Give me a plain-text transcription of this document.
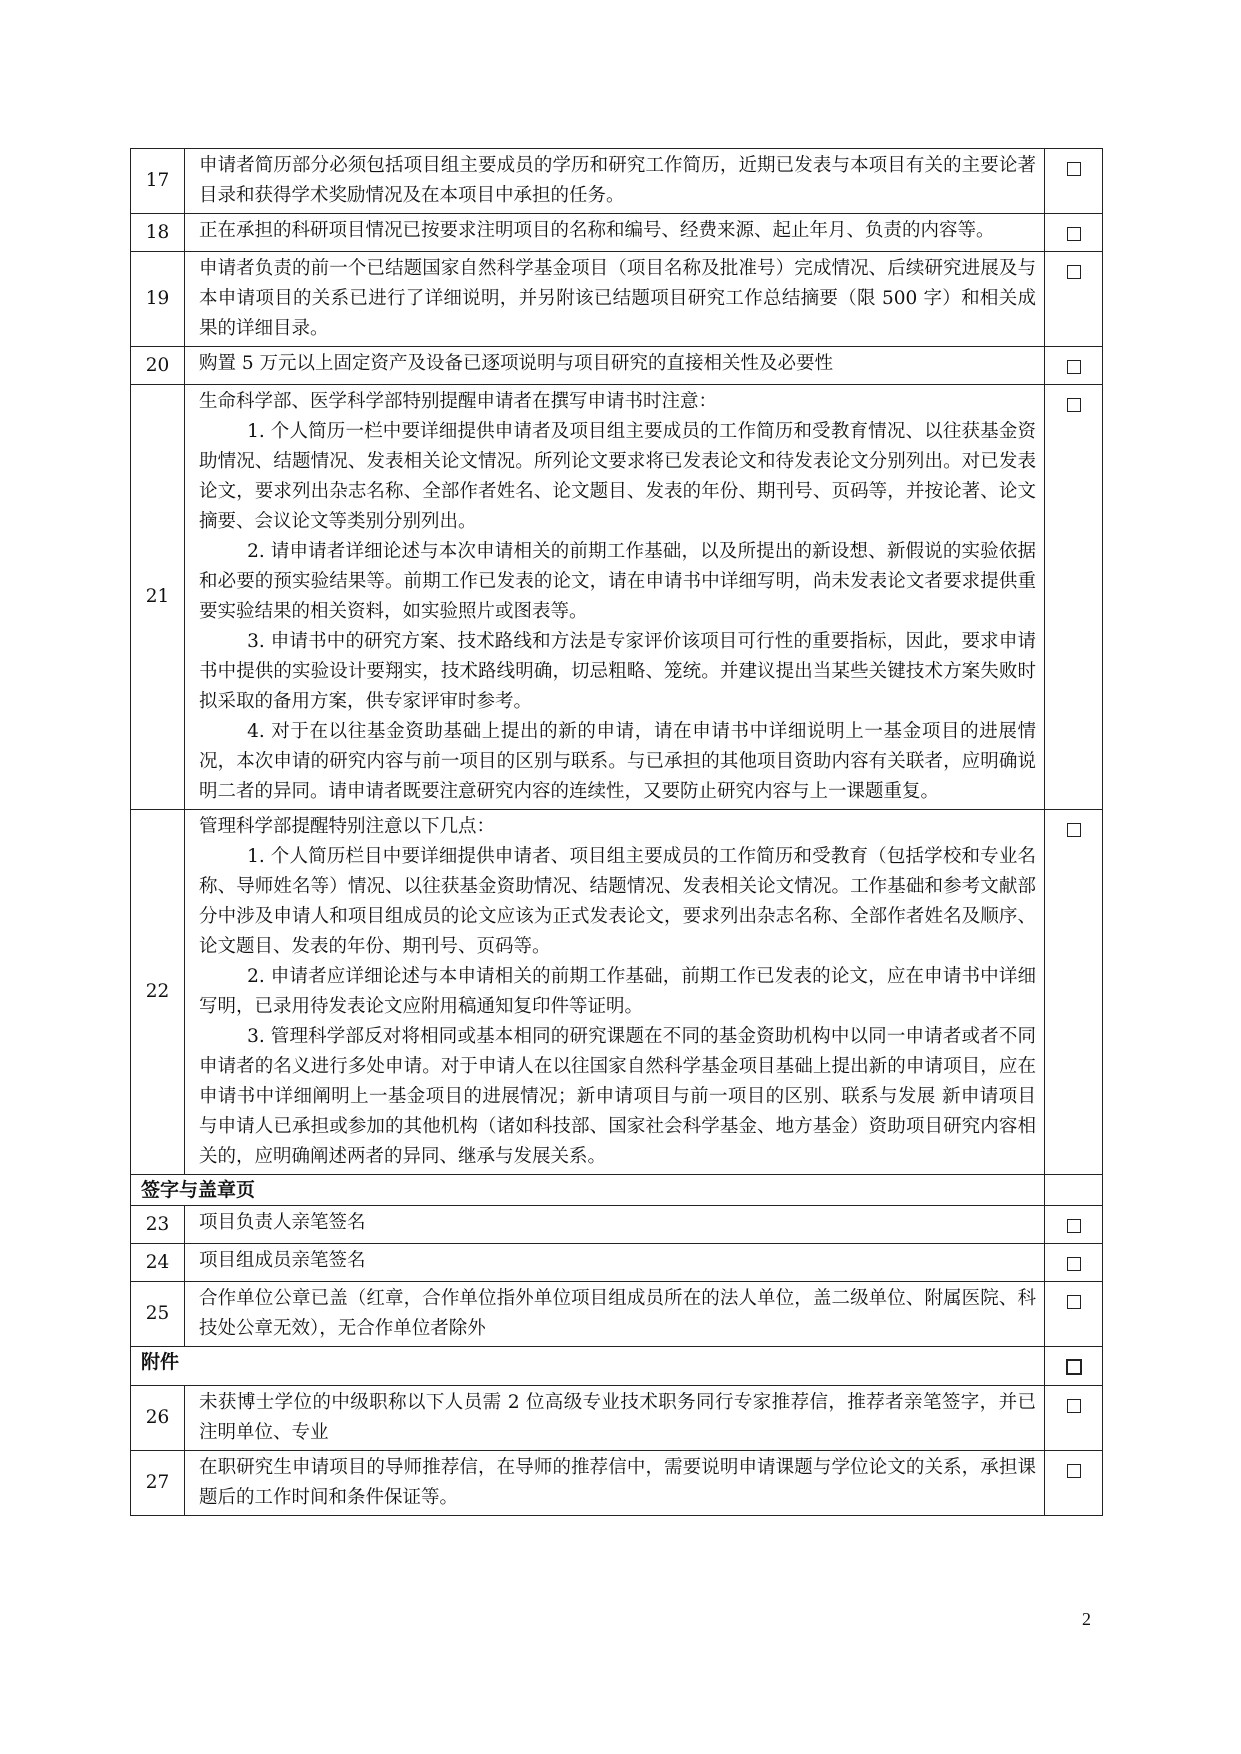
17	申请者简历部分必须包括项目组主要成员的学历和研究工作简历，近期已发表与本项目有关的主要论著目录和获得学术奖励情况及在本项目中承担的任务。	
18	正在承担的科研项目情况已按要求注明项目的名称和编号、经费来源、起止年月、负责的内容等。	
19	申请者负责的前一个已结题国家自然科学基金项目（项目名称及批准号）完成情况、后续研究进展及与本申请项目的关系已进行了详细说明，并另附该已结题项目研究工作总结摘要（限 500 字）和相关成果的详细目录。	
20	购置 5 万元以上固定资产及设备已逐项说明与项目研究的直接相关性及必要性	
21	生命科学部、医学科学部特别提醒申请者在撰写申请书时注意：
1. 个人简历一栏中要详细提供申请者及项目组主要成员的工作简历和受教育情况、以往获基金资助情况、结题情况、发表相关论文情况。所列论文要求将已发表论文和待发表论文分别列出。对已发表论文，要求列出杂志名称、全部作者姓名、论文题目、发表的年份、期刊号、页码等，并按论著、论文摘要、会议论文等类别分别列出。
2. 请申请者详细论述与本次申请相关的前期工作基础，以及所提出的新设想、新假说的实验依据和必要的预实验结果等。前期工作已发表的论文，请在申请书中详细写明，尚未发表论文者要求提供重要实验结果的相关资料，如实验照片或图表等。
3. 申请书中的研究方案、技术路线和方法是专家评价该项目可行性的重要指标，因此，要求申请书中提供的实验设计要翔实，技术路线明确，切忌粗略、笼统。并建议提出当某些关键技术方案失败时拟采取的备用方案，供专家评审时参考。
4. 对于在以往基金资助基础上提出的新的申请，请在申请书中详细说明上一基金项目的进展情况，本次申请的研究内容与前一项目的区别与联系。与已承担的其他项目资助内容有关联者，应明确说明二者的异同。请申请者既要注意研究内容的连续性，又要防止研究内容与上一课题重复。	

22	管理科学部提醒特别注意以下几点：
1. 个人简历栏目中要详细提供申请者、项目组主要成员的工作简历和受教育（包括学校和专业名称、导师姓名等）情况、以往获基金资助情况、结题情况、发表相关论文情况。工作基础和参考文献部分中涉及申请人和项目组成员的论文应该为正式发表论文，要求列出杂志名称、全部作者姓名及顺序、论文题目、发表的年份、期刊号、页码等。
2. 申请者应详细论述与本申请相关的前期工作基础，前期工作已发表的论文，应在申请书中详细写明，已录用待发表论文应附用稿通知复印件等证明。
3. 管理科学部反对将相同或基本相同的研究课题在不同的基金资助机构中以同一申请者或者不同申请者的名义进行多处申请。对于申请人在以往国家自然科学基金项目基础上提出新的申请项目，应在申请书中详细阐明上一基金项目的进展情况；新申请项目与前一项目的区别、联系与发展 新申请项目与申请人已承担或参加的其他机构（诸如科技部、国家社会科学基金、地方基金）资助项目研究内容相关的，应明确阐述两者的异同、继承与发展关系。	

签字与盖章页		
23	项目负责人亲笔签名	
24	项目组成员亲笔签名	
25	合作单位公章已盖（红章，合作单位指外单位项目组成员所在的法人单位，盖二级单位、附属医院、科技处公章无效），无合作单位者除外	
附件		
26	未获博士学位的中级职称以下人员需 2 位高级专业技术职务同行专家推荐信，推荐者亲笔签字，并已注明单位、专业	
27	在职研究生申请项目的导师推荐信，在导师的推荐信中，需要说明申请课题与学位论文的关系，承担课题后的工作时间和条件保证等。	
2
